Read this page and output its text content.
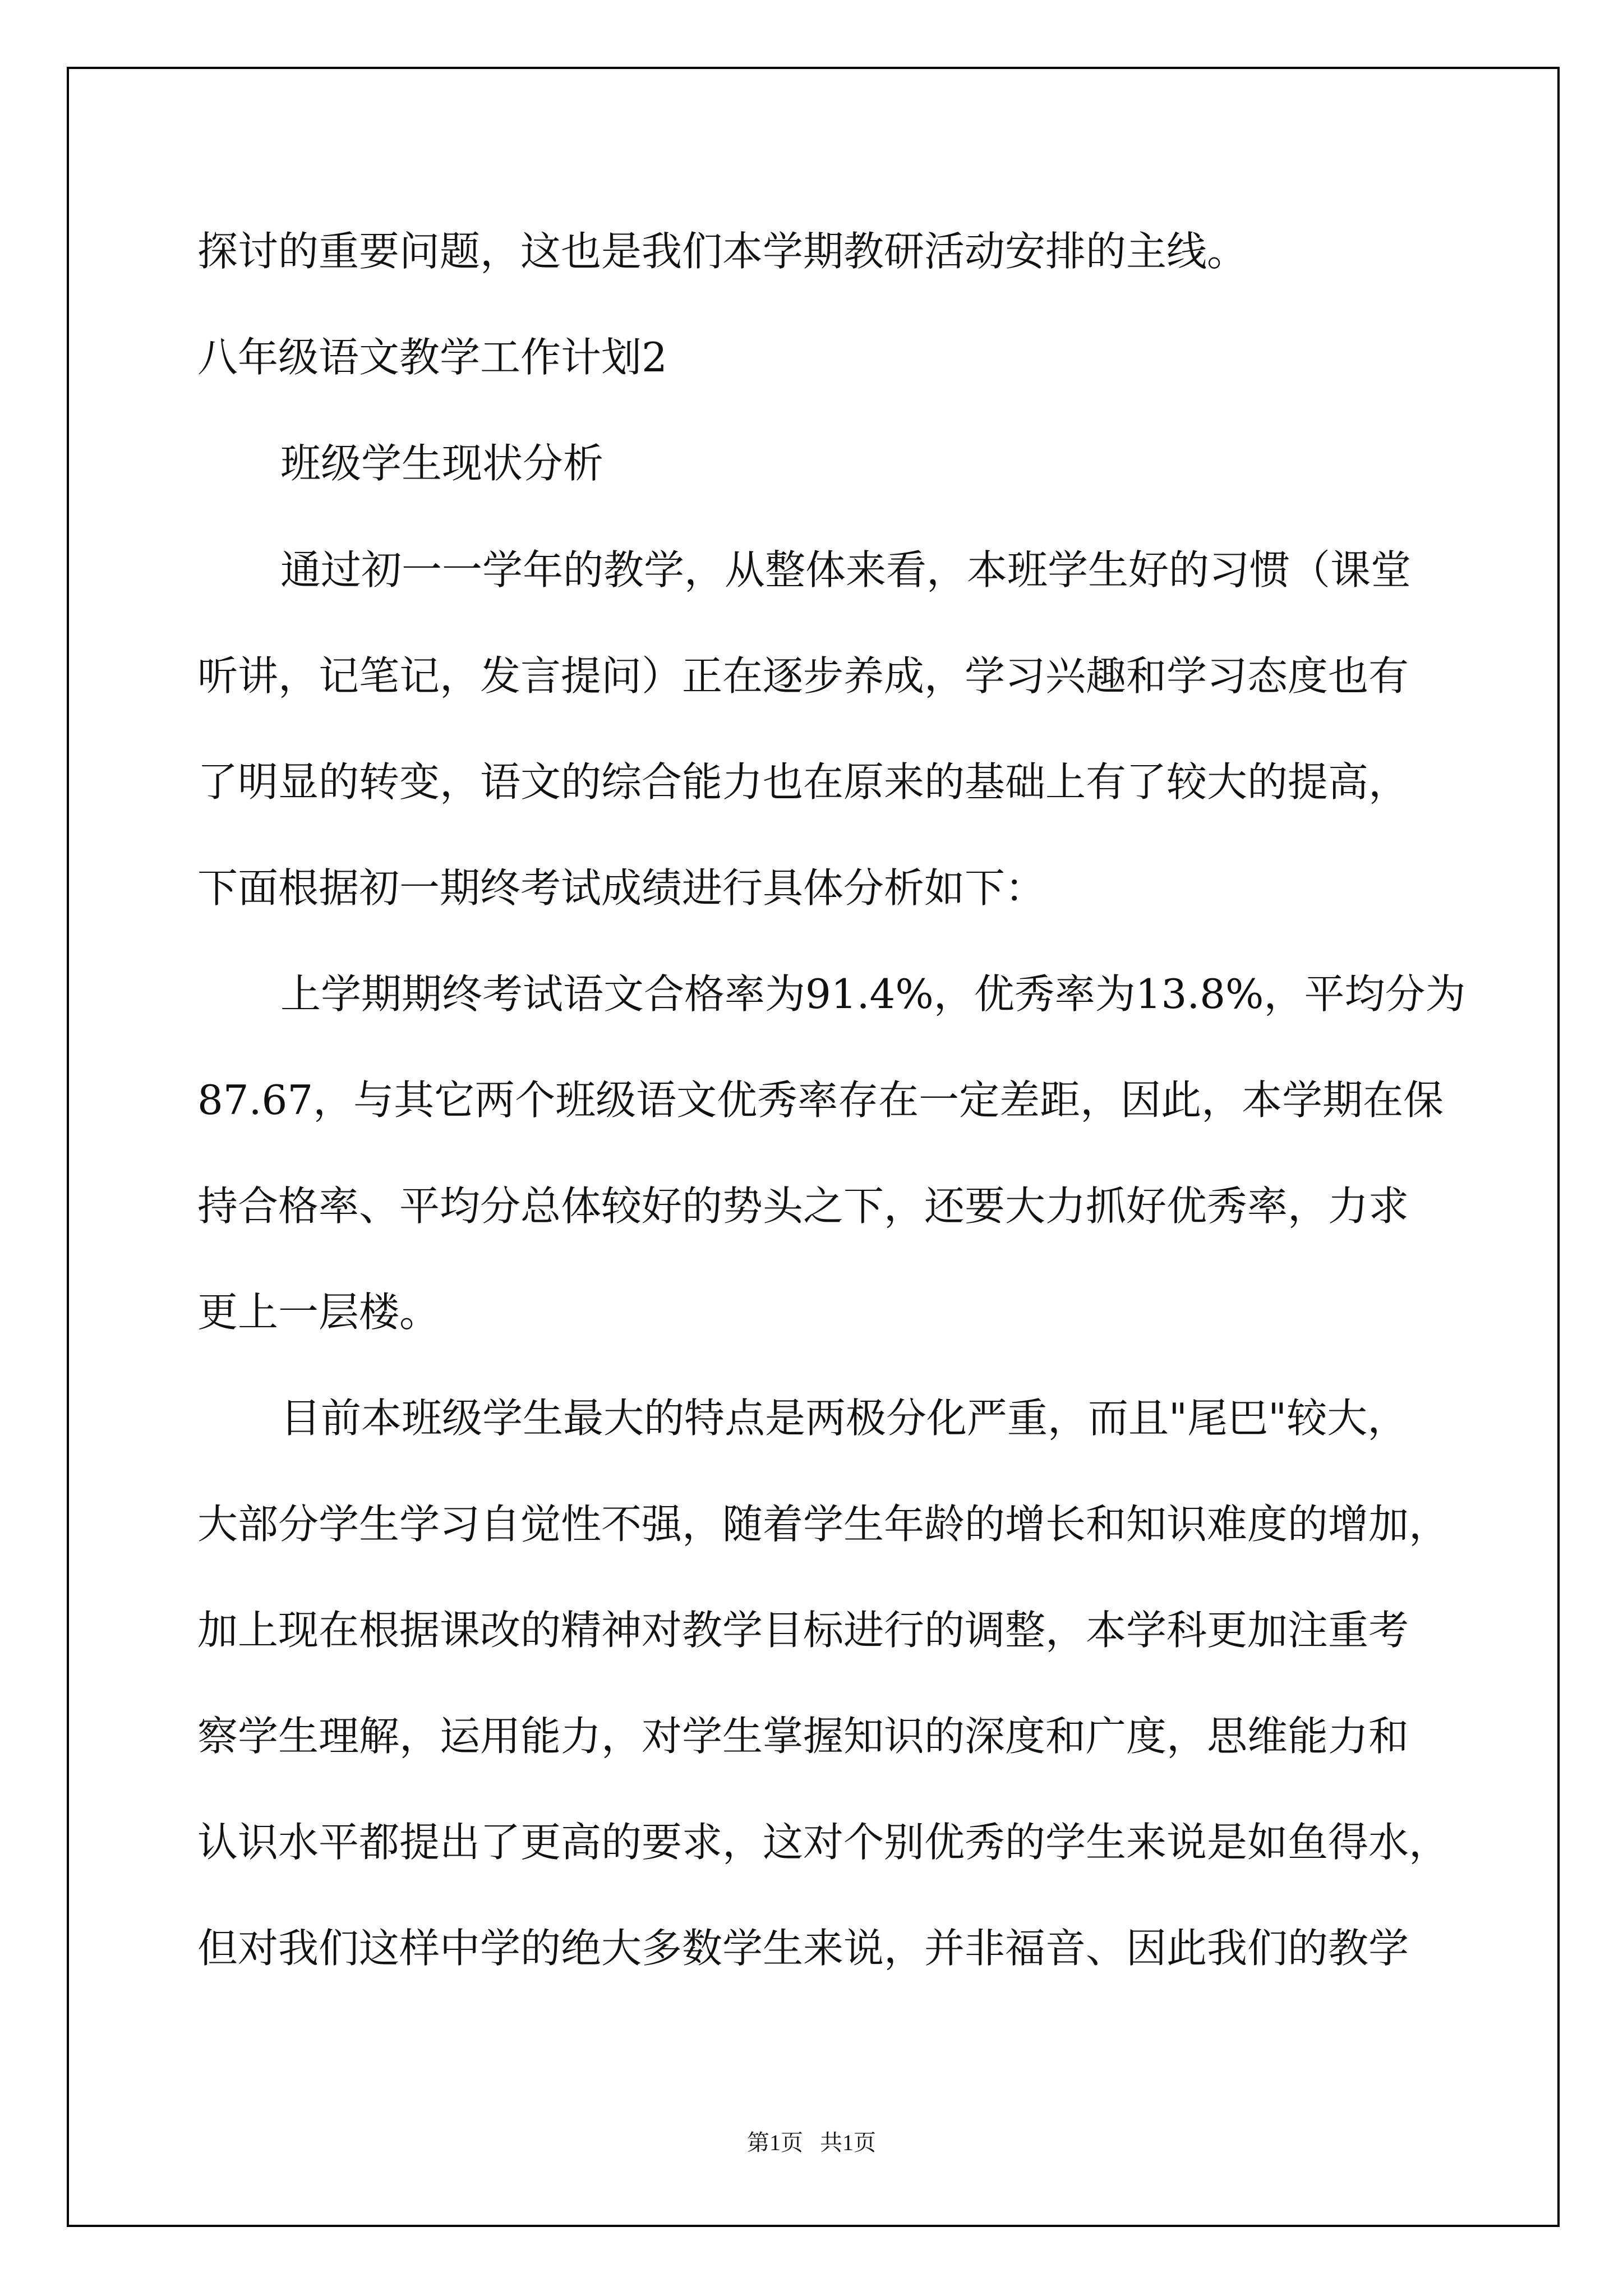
探讨的重要问题，这也是我们本学期教研活动安排的主线。

八年级语文教学工作计划2

班级学生现状分析

通过初一一学年的教学，从整体来看，本班学生好的习惯（课堂

听讲，记笔记，发言提问）正在逐步养成，学习兴趣和学习态度也有

了明显的转变，语文的综合能力也在原来的基础上有了较大的提高，

下面根据初一期终考试成绩进行具体分析如下：

上学期期终考试语文合格率为91.4%，优秀率为13.8%，平均分为

87.67，与其它两个班级语文优秀率存在一定差距，因此，本学期在保

持合格率、平均分总体较好的势头之下，还要大力抓好优秀率，力求

更上一层楼。

目前本班级学生最大的特点是两极分化严重，而且"尾巴"较大，

大部分学生学习自觉性不强，随着学生年龄的增长和知识难度的增加，

加上现在根据课改的精神对教学目标进行的调整，本学科更加注重考

察学生理解，运用能力，对学生掌握知识的深度和广度，思维能力和

认识水平都提出了更高的要求，这对个别优秀的学生来说是如鱼得水，

但对我们这样中学的绝大多数学生来说，并非福音、因此我们的教学

第1页   共1页
